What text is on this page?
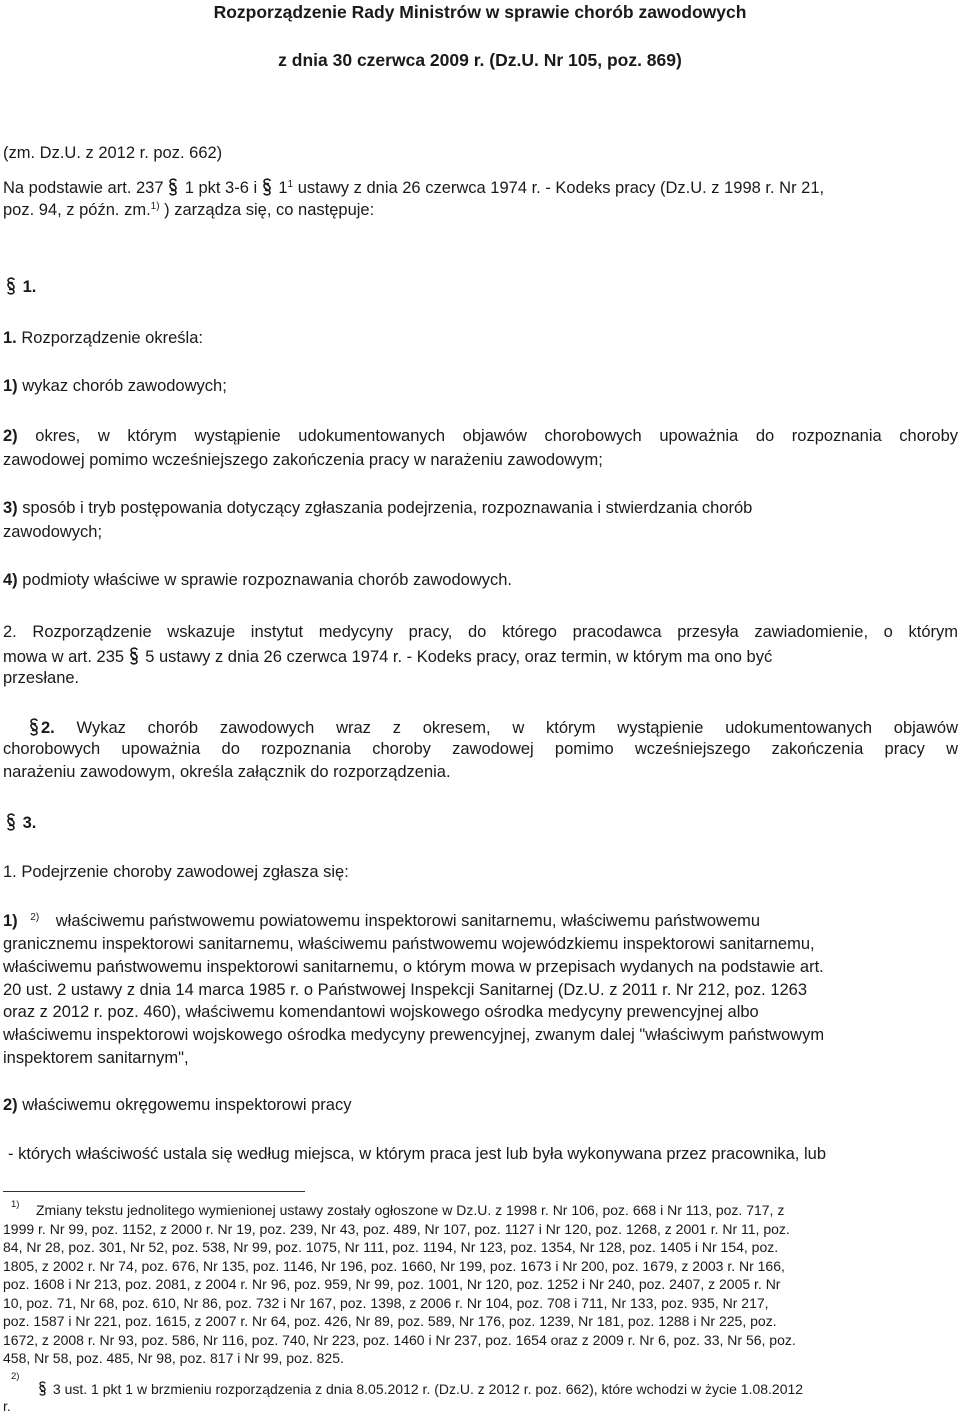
Rozporządzenie Rady Ministrów w sprawie chorób zawodowych
z dnia 30 czerwca 2009 r. (Dz.U. Nr 105, poz. 869)
(zm. Dz.U. z 2012 r. poz. 662)
Na podstawie art. 237 1 pkt 3-6 i $1^1$ ustawy z dnia 26 czerwca 1974 r. - Kodeks pracy (Dz.U. z 1998 r. Nr 21,
poz. 94, z późn. zm.$^{1)}$ ) zarządza się, co następuje:
1.
1. Rozporządzenie określa:
1) wykaz chorób zawodowych;
2) okres, w którym wystąpienie udokumentowanych objawów chorobowych upoważnia do rozpoznania choroby
zawodowej pomimo wcześniejszego zakończenia pracy w narażeniu zawodowym;
3) sposób i tryb postępowania dotyczący zgłaszania podejrzenia, rozpoznawania i stwierdzania chorób
zawodowych;
4) podmioty właściwe w sprawie rozpoznawania chorób zawodowych.
2. Rozporządzenie wskazuje instytut medycyny pracy, do którego pracodawca przesyła zawiadomienie, o którym
mowa w art. 235 5 ustawy z dnia 26 czerwca 1974 r. - Kodeks pracy, oraz termin, w którym ma ono być
przesłane.
2. Wykaz chorób zawodowych wraz z okresem, w którym wystąpienie udokumentowanych objawów
chorobowych upoważnia do rozpoznania choroby zawodowej pomimo wcześniejszego zakończenia pracy w
narażeniu zawodowym, określa załącznik do rozporządzenia.
3.
1. Podejrzenie choroby zawodowej zgłasza się:
1) $^{2)}$ właściwemu państwowemu powiatowemu inspektorowi sanitarnemu, właściwemu państwowemu
granicznemu inspektorowi sanitarnemu, właściwemu państwowemu wojewódzkiemu inspektorowi sanitarnemu,
właściwemu państwowemu inspektorowi sanitarnemu, o którym mowa w przepisach wydanych na podstawie art.
20 ust. 2 ustawy z dnia 14 marca 1985 r. o Państwowej Inspekcji Sanitarnej (Dz.U. z 2011 r. Nr 212, poz. 1263
oraz z 2012 r. poz. 460), właściwemu komendantowi wojskowego ośrodka medycyny prewencyjnej albo
właściwemu inspektorowi wojskowego ośrodka medycyny prewencyjnej, zwanym dalej "właściwym państwowym
inspektorem sanitarnym",
2) właściwemu okręgowemu inspektorowi pracy
- których właściwość ustala się według miejsca, w którym praca jest lub była wykonywana przez pracownika, lub
1) Zmiany tekstu jednolitego wymienionej ustawy zostały ogłoszone w Dz.U. z 1998 r. Nr 106, poz. 668 i Nr 113, poz. 717, z
1999 r. Nr 99, poz. 1152, z 2000 r. Nr 19, poz. 239, Nr 43, poz. 489, Nr 107, poz. 1127 i Nr 120, poz. 1268, z 2001 r. Nr 11, poz.
84, Nr 28, poz. 301, Nr 52, poz. 538, Nr 99, poz. 1075, Nr 111, poz. 1194, Nr 123, poz. 1354, Nr 128, poz. 1405 i Nr 154, poz.
1805, z 2002 r. Nr 74, poz. 676, Nr 135, poz. 1146, Nr 196, poz. 1660, Nr 199, poz. 1673 i Nr 200, poz. 1679, z 2003 r. Nr 166,
poz. 1608 i Nr 213, poz. 2081, z 2004 r. Nr 96, poz. 959, Nr 99, poz. 1001, Nr 120, poz. 1252 i Nr 240, poz. 2407, z 2005 r. Nr
10, poz. 71, Nr 68, poz. 610, Nr 86, poz. 732 i Nr 167, poz. 1398, z 2006 r. Nr 104, poz. 708 i 711, Nr 133, poz. 935, Nr 217,
poz. 1587 i Nr 221, poz. 1615, z 2007 r. Nr 64, poz. 426, Nr 89, poz. 589, Nr 176, poz. 1239, Nr 181, poz. 1288 i Nr 225, poz.
1672, z 2008 r. Nr 93, poz. 586, Nr 116, poz. 740, Nr 223, poz. 1460 i Nr 237, poz. 1654 oraz z 2009 r. Nr 6, poz. 33, Nr 56, poz.
458, Nr 58, poz. 485, Nr 98, poz. 817 i Nr 99, poz. 825.
2)
3 ust. 1 pkt 1 w brzmieniu rozporządzenia z dnia 8.05.2012 r. (Dz.U. z 2012 r. poz. 662), które wchodzi w życie 1.08.2012
r.
